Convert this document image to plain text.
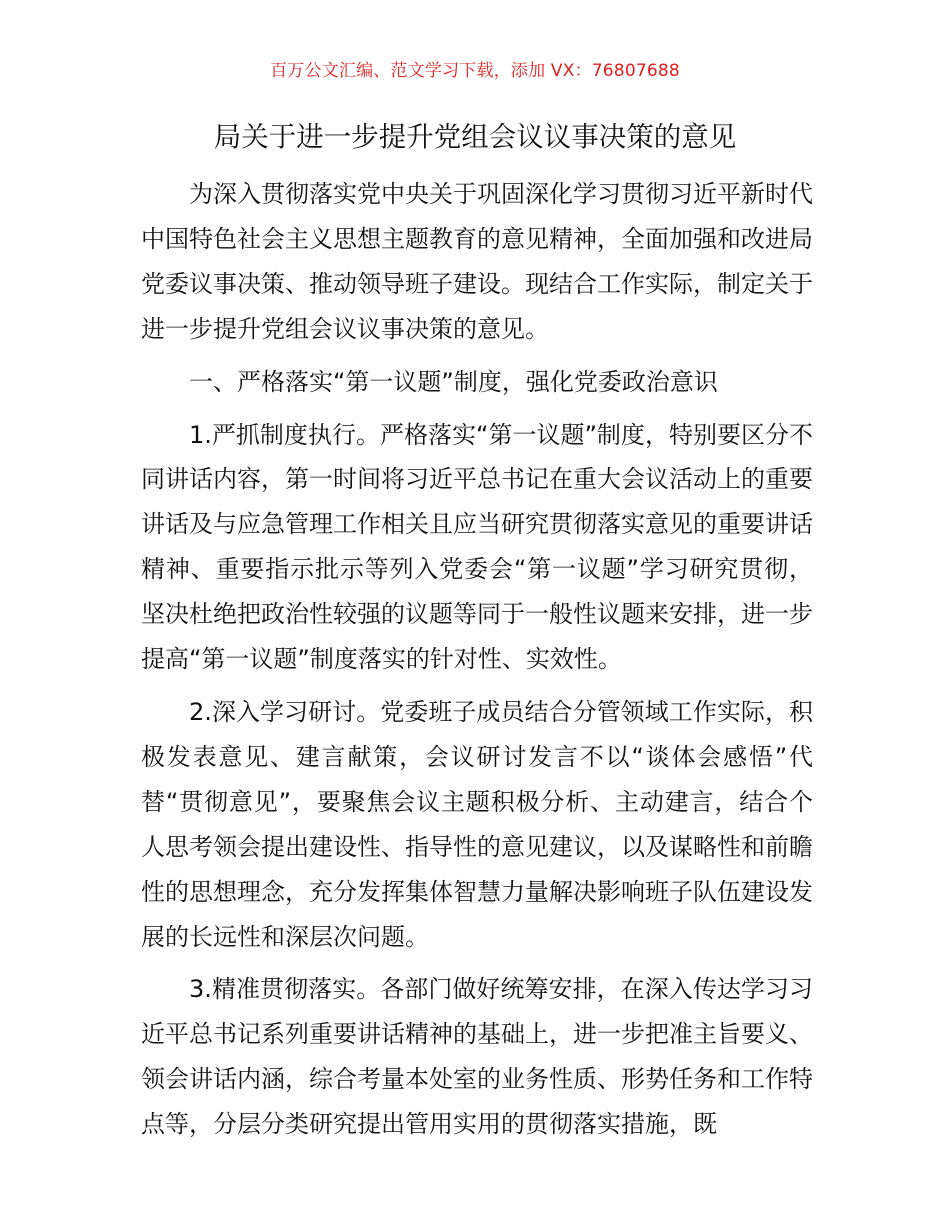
百万公文汇编、范文学习下载，添加 VX：76807688
局关于进一步提升党组会议议事决策的意见

为深入贯彻落实党中央关于巩固深化学习贯彻习近平新时代中国特色社会主义思想主题教育的意见精神，全面加强和改进局党委议事决策、推动领导班子建设。现结合工作实际，制定关于进一步提升党组会议议事决策的意见。

一、严格落实“第一议题”制度，强化党委政治意识

1.严抓制度执行。严格落实“第一议题”制度，特别要区分不同讲话内容，第一时间将习近平总书记在重大会议活动上的重要讲话及与应急管理工作相关且应当研究贯彻落实意见的重要讲话精神、重要指示批示等列入党委会“第一议题”学习研究贯彻，坚决杜绝把政治性较强的议题等同于一般性议题来安排，进一步提高“第一议题”制度落实的针对性、实效性。

2.深入学习研讨。党委班子成员结合分管领域工作实际，积极发表意见、建言献策，会议研讨发言不以“谈体会感悟”代替“贯彻意见”，要聚焦会议主题积极分析、主动建言，结合个人思考领会提出建设性、指导性的意见建议，以及谋略性和前瞻性的思想理念，充分发挥集体智慧力量解决影响班子队伍建设发展的长远性和深层次问题。

3.精准贯彻落实。各部门做好统筹安排，在深入传达学习习近平总书记系列重要讲话精神的基础上，进一步把准主旨要义、领会讲话内涵，综合考量本处室的业务性质、形势任务和工作特点等，分层分类研究提出管用实用的贯彻落实措施，既
